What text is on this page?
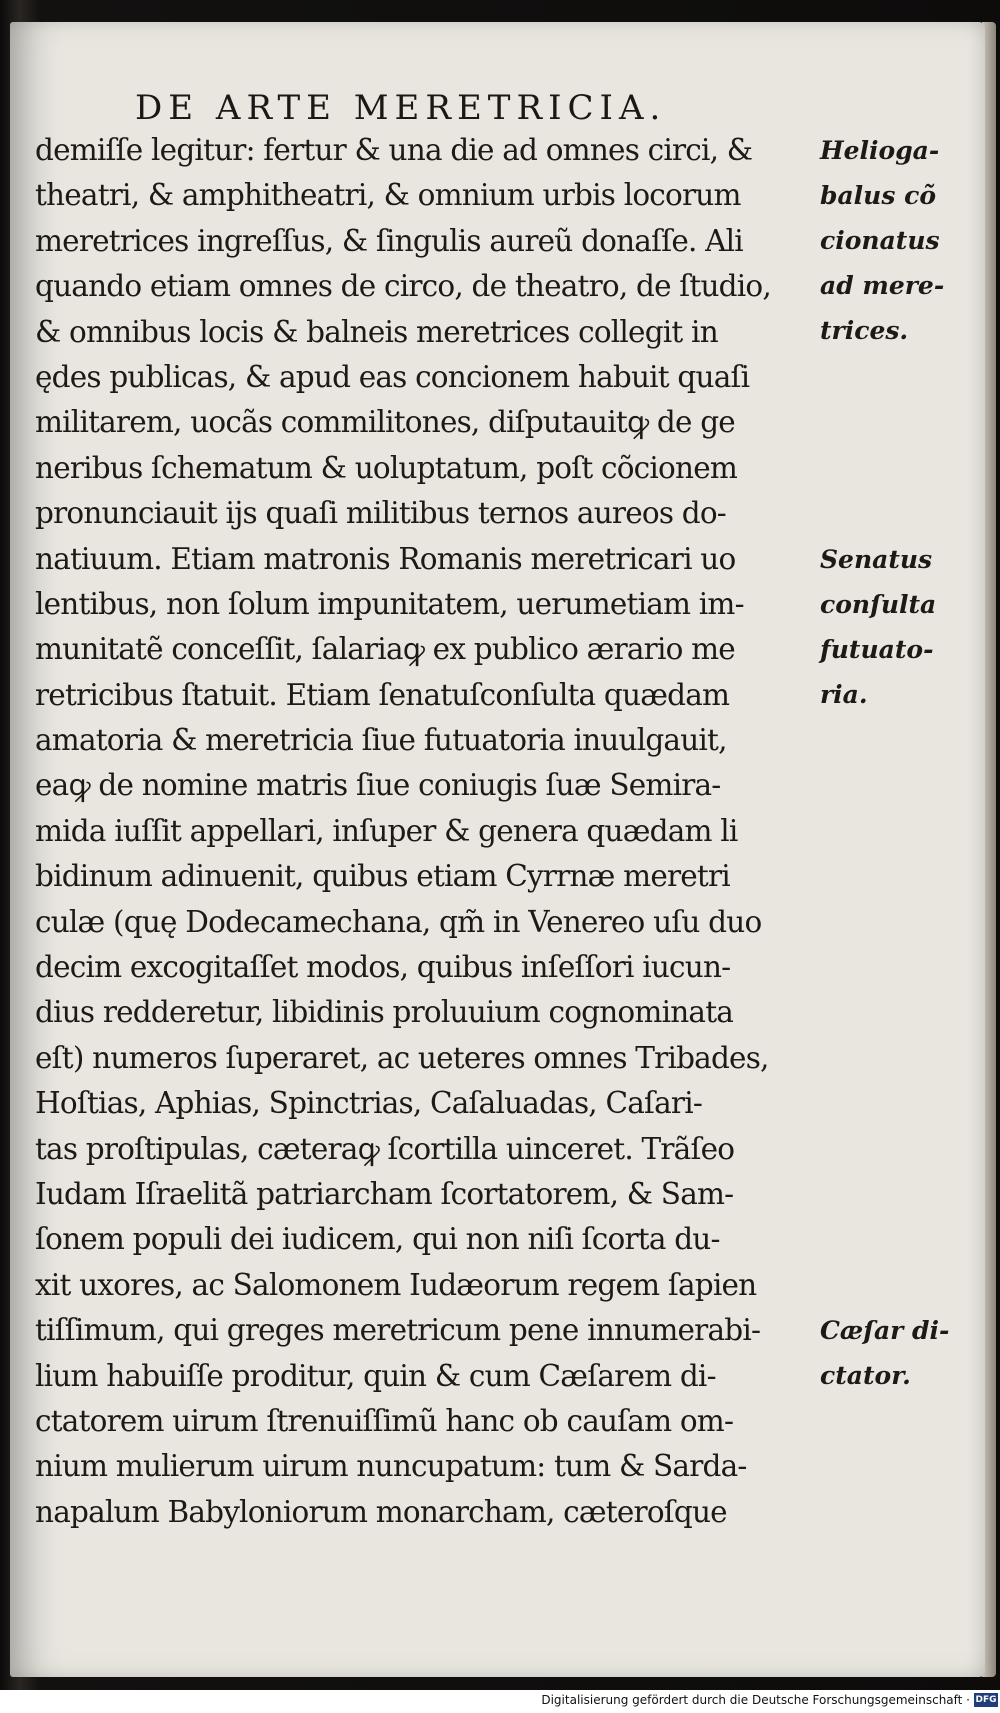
DE ARTE MERETRICIA.
demiſſe legitur: fertur & una die ad omnes circi, &
theatri, & amphitheatri, & omnium urbis locorum
meretrices ingreſſus, & ſingulis aureũ donaſſe. Ali
quando etiam omnes de circo, de theatro, de ſtudio,
& omnibus locis & balneis meretrices collegit in
ędes publicas, & apud eas concionem habuit quaſi
militarem, uocãs commilitones, diſputauitꝙ de ge
neribus ſchematum & uoluptatum, poſt cõcionem
pronunciauit ijs quaſi militibus ternos aureos do-
natiuum. Etiam matronis Romanis meretricari uo
lentibus, non ſolum impunitatem, uerumetiam im-
munitatẽ conceſſit, ſalariaꝙ ex publico ærario me
retricibus ſtatuit. Etiam ſenatuſconſulta quædam
amatoria & meretricia ſiue futuatoria inuulgauit,
eaꝙ de nomine matris ſiue coniugis ſuæ Semira-
mida iuſſit appellari, inſuper & genera quædam li
bidinum adinuenit, quibus etiam Cyrrnæ meretri
culæ (quę Dodecamechana, qm̃ in Venereo uſu duo
decim excogitaſſet modos, quibus inſeſſori iucun-
dius redderetur, libidinis proluuium cognominata
eſt) numeros ſuperaret, ac ueteres omnes Tribades,
Hoſtias, Aphias, Spinctrias, Caſaluadas, Caſari-
tas proſtipulas, cæteraꝙ ſcortilla uinceret. Trãſeo
Iudam Iſraelitã patriarcham ſcortatorem, & Sam-
ſonem populi dei iudicem, qui non niſi ſcorta du-
xit uxores, ac Salomonem Iudæorum regem ſapien
tiſſimum, qui greges meretricum pene innumerabi-
lium habuiſſe proditur, quin & cum Cæſarem di-
ctatorem uirum ſtrenuiſſimũ hanc ob cauſam om-
nium mulierum uirum nuncupatum: tum & Sarda-
napalum Babyloniorum monarcham, cæteroſque
Helioga-
balus cõ
cionatus
ad mere-
trices.
Senatus
conſulta
futuato-
ria.
Cæſar di-
ctator.
Digitalisierung gefördert durch die Deutsche Forschungsgemeinschaft · DFG
